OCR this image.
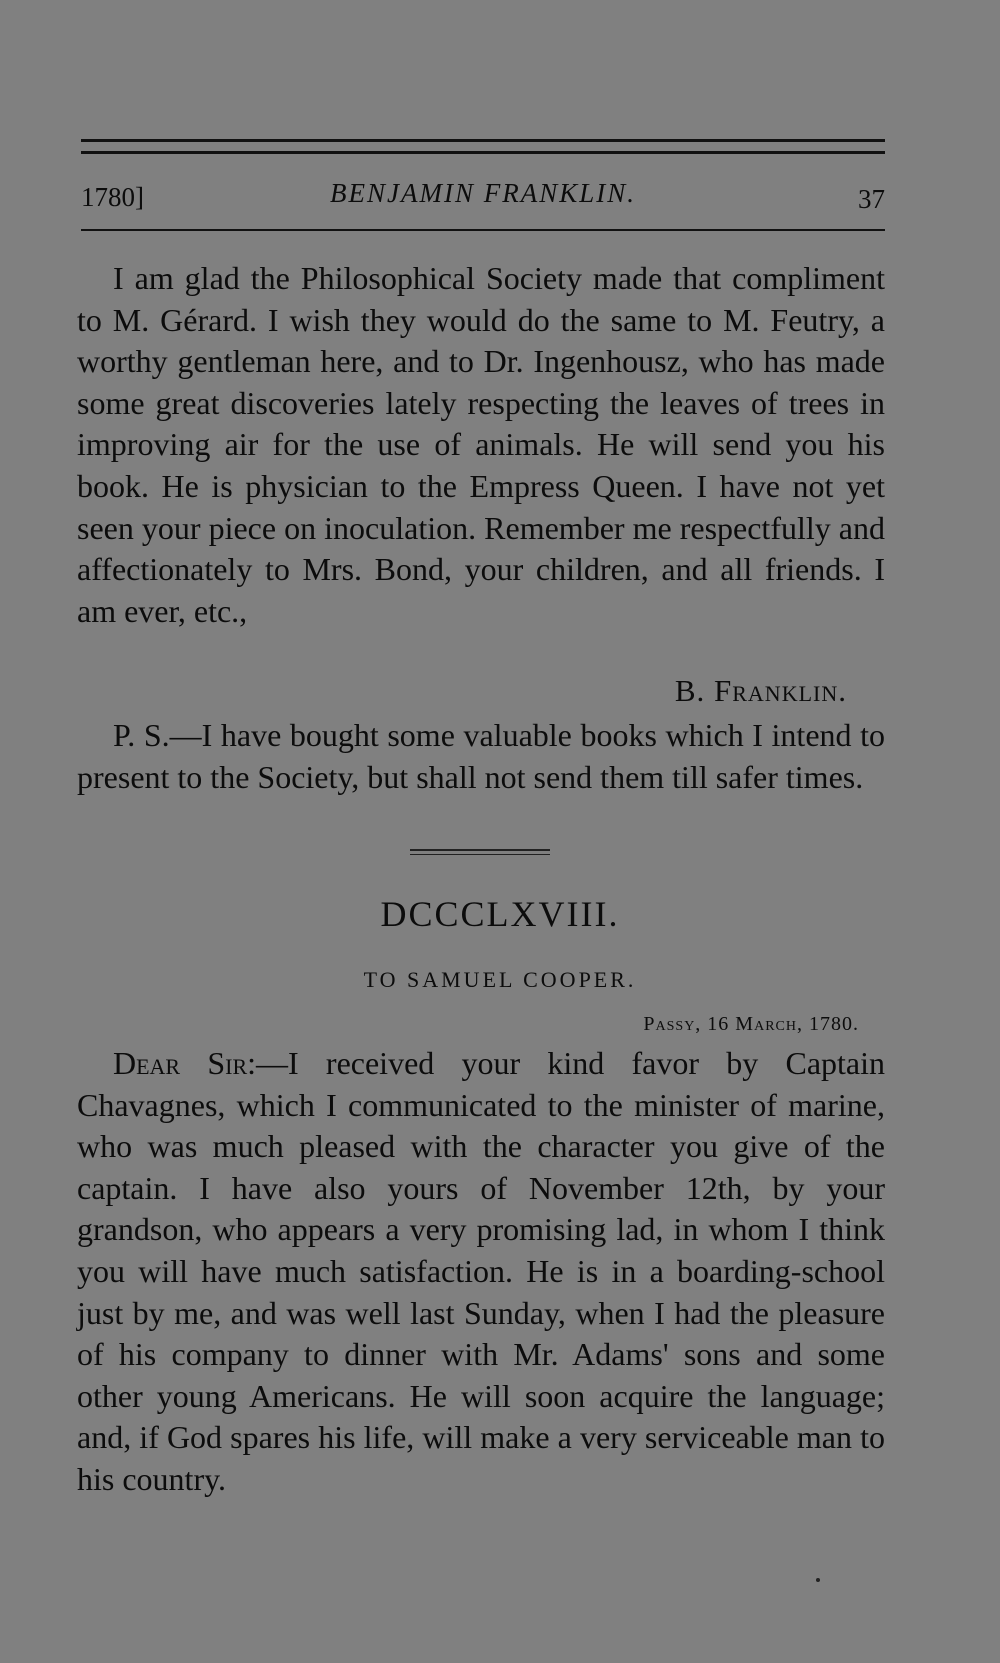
1780]	BENJAMIN FRANKLIN.	37

I am glad the Philosophical Society made that compliment to M. Gérard. I wish they would do the same to M. Feutry, a worthy gentleman here, and to Dr. Ingenhousz, who has made some great discoveries lately respecting the leaves of trees in improving air for the use of animals. He will send you his book. He is physician to the Empress Queen. I have not yet seen your piece on inoculation. Remember me respectfully and affectionately to Mrs. Bond, your children, and all friends. I am ever, etc.,

B. Franklin.

P. S.—I have bought some valuable books which I intend to present to the Society, but shall not send them till safer times.

DCCCLXVIII.
TO SAMUEL COOPER.
Passy, 16 March, 1780.

Dear Sir:—I received your kind favor by Captain Chavagnes, which I communicated to the minister of marine, who was much pleased with the character you give of the captain. I have also yours of November 12th, by your grandson, who appears a very promising lad, in whom I think you will have much satisfaction. He is in a boarding-school just by me, and was well last Sunday, when I had the pleasure of his company to dinner with Mr. Adams' sons and some other young Americans. He will soon acquire the language; and, if God spares his life, will make a very serviceable man to his country.
